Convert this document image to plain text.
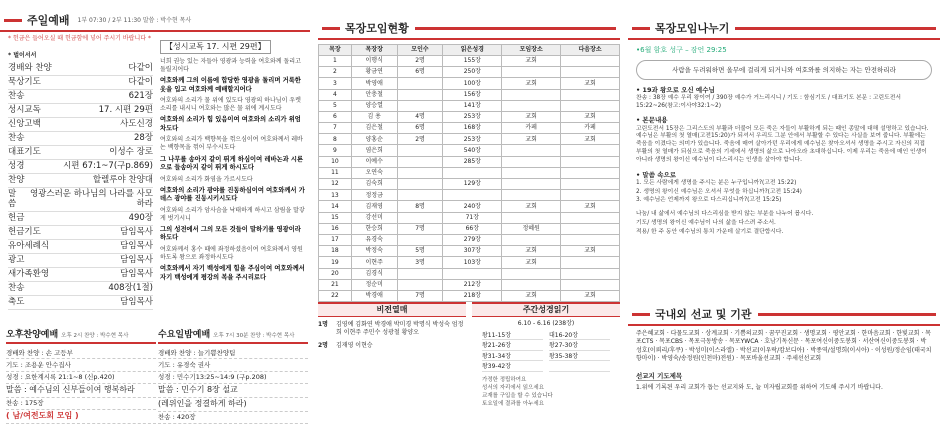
주일예배 1부 07:30 / 2부 11:30 말씀 : 박수현 목사
* 헌금은 들어오실 때 헌금함에 넣어 주시기 바랍니다 *
* 벌이서서
경배와 찬양	다같이
묵상기도	다같이
찬송	621장
성시교독	17. 시편 29편
신앙고백	사도신경
찬송	28장
대표기도	이성수 장로
성경	시편 67:1~7(구p.869)
찬양	할렐루야 찬양대
말씀
영광스러운 하나님의 나라를 사모하라
헌금	490장
헌금기도	담임목사
유아세례식	담임목사
광고	담임목사
새가족환영	담임목사
찬송	408장(1절)
축도	담임목사
【성시교독 17. 시편 29편】

너희 권능 있는 자들아 영광과 능력을 여호와께 돌리고 돌릴지어다

여호와께 그의 이름에 합당한 영광을 돌리며 거룩한 옷을 입고 여호와께 예배할지어다

여호와의 소리가 물 위에 있도다 영광의 하나님이 우렛소리를 내시니 여호와는 많은 물 위에 계시도다

여호와의 소리가 힘 있음이여 여호와의 소리가 위엄차도다

여호와의 소리가 백향목을 꺾으심이여 여호와께서 레바논 백향목을 꺾어 부수시도다

그 나무를 송아지 같이 뛰게 하심이여 레바논과 시룐으로 들송아지 같이 뛰게 하시도다

여호와의 소리가 화염을 가르시도다

여호와의 소리가 광야를 진동하심이여 여호와께서 가데스 광야를 진동시키시도다

여호와의 소리가 암사슴을 낙태하게 하시고 삼림을 말갛게 벗기시니

그의 성전에서 그의 모든 것들이 말하기를 영광이라 하도다

여호와께서 홍수 때에 좌정하셨음이여 여호와께서 영원하도록 왕으로 좌정하시도다

여호와께서 자기 백성에게 힘을 주심이여 여호와께서 자기 백성에게 평강의 복을 주시리로다

오후찬양예배 오후 2시 찬양 : 박수현 목사
경배와 찬양 : 손 고등부
기도 : 조용운 안수집사
성경 : 요한계시록 21:1~8 (신p.420)
말씀 : 예수님의 신부들이여 행복하라
찬송 : 175장
( 남/여전도회 모임 )
수요일밤예배 오후 7시 30분 찬양 : 박수현 목사
경배와 찬양 : 늘기쁨찬양팀
기도 : 유경숙 권사
성경 : 민수기13:25~14:9 (구p.208)
말씀 : 민수기 8장 설교
(레위인을 정결하게 하라)
찬송 : 420장
목장모임현황
목장	목장장	모인수	읽은성경	모임장소	다음장소
1	이행식	2명	155장	교회	
2	황금연	6명	250장		
3	박영애		100장	교회	교회
4	안충철		156장		
5	양승열		141장		
6	김 용	4명	253장	교회	교회
7	김은철	6명	168장	카페	카페
8	양홍순	2명	253장	교회	교회
9	염은희		540장		
10	이예수		285장		
11	오연숙				
12	김숙희		129장		
13	정정금				
14	김재영	8명	240장	교회	교회
15	강선미		71장		
16	한승희	7명	66장	정혜원	
17	유경숙		279장		
18	박정숙	5명	307장	교회	교회
19	이현주	3명	103장	교회	
20	김경식				
21	정순미		212장		
22	박경애	7명	218장	교회	교회
비전열매
1명	김영예 김화연 박경애 박미경 박명식 박성숙 엄정희 이현주 주민수 성광철 황양오
2명	김재영 이현승
주간성경읽기
6.10 - 6.16 (238장)
왕11-15장	대16-20장
왕21-26장	왕27-30장
왕31-34장	왕35-38장
왕39-42장
가정한 정립하여요
성서의 자리에서 읽으세요
교재를 구입을 할 수 있습니다
토요일에 결과를 아누세요
목장모임나누기
•6월 함호 성구 – 잠언 29:25
사람을 두려워하면 올무에 걸리게 되거니와 여호와를 의지하는 자는 안전하리라
• 19과 왕으로 오신 예수님

찬송 : 38장 예수 우리 왕이여 / 390장 예수가 거느리시니 / 기도 : 함심기도 / 대표기도 본문 : 고린도전서 15:22~26(참고:이사야32:1~2)

• 본문내용

고린도전서 15장은 그리스도의 부활과 더불어 모든 죽은 자들이 부활하게 되는 때인 종말에 대해 설명하고 있습니다. 예수님은 부활의 첫 열매(고전15:20)가 되셔서 우리도 그분 안에서 부활할 수 있다는 사실을 보여 줍니다. 부활에는 죽음을 이겼다는 의미가 있습니다. 죽음에 매여 살아가던 우리에게 예수님은 찾아오셔서 생명을 주시고 자신의 직접 부활의 첫 열매가 되심으로 죽음의 기세에서 생명의 삶으로 나아오라 초대하십니다. 이제 우리는 죽음에 매인 인생이 아니라 생명의 왕이신 예수님이 다스리시는 인생을 살아야 합니다.

• 말씀 속으로

1. 모든 사람에게 생명을 주시는 분은 누구입니까?(고전 15:22)

2. 생명의 왕이신 예수님은 오셔서 무엇을 하십니까?(고전 15:24)

3. 예수님은 언제까지 왕으로 다스리십니까?(고전 15:25)

나눔/ 내 삶에서 예수님의 다스리심을 받지 않는 부분을 나누어 봅시다.

기도/ 생명의 왕이신 예수님이 나의 삶을 다스려 주소서.

적용/ 한 주 동안 예수님의 통치 가운데 살기로 결단합시다.

국내외 선교 및 기관
주은혜교회 · 다물도교회 · 상계교회 · 기쁨의교회 · 꿈꾸진교회 · 생명교회 · 평안교회 · 한마음교회 · 한빛교회 · 목포CTS · 목포CBS · 목포극동방송 · 목포YWCA · 호남기독신문 · 목포여신이중도봉회 · 서산여신이중도봉회 · 박성호(이뢰리/후쿠) · 박성미(이스라엘) · 박선교(이우락/캄보디아) · 박종역/설명희(이시아) · 이성원/정순임(태국치항마이) · 박영숙/송정원(인천마)전원) · 목포바울선교회 · 주세선선교회
선교지 기도제목
1.위에 기록된 우리 교회가 돕는 선교지와 도, 늘 미자립교회를 위하여 기도해 주시기 바랍니다.
